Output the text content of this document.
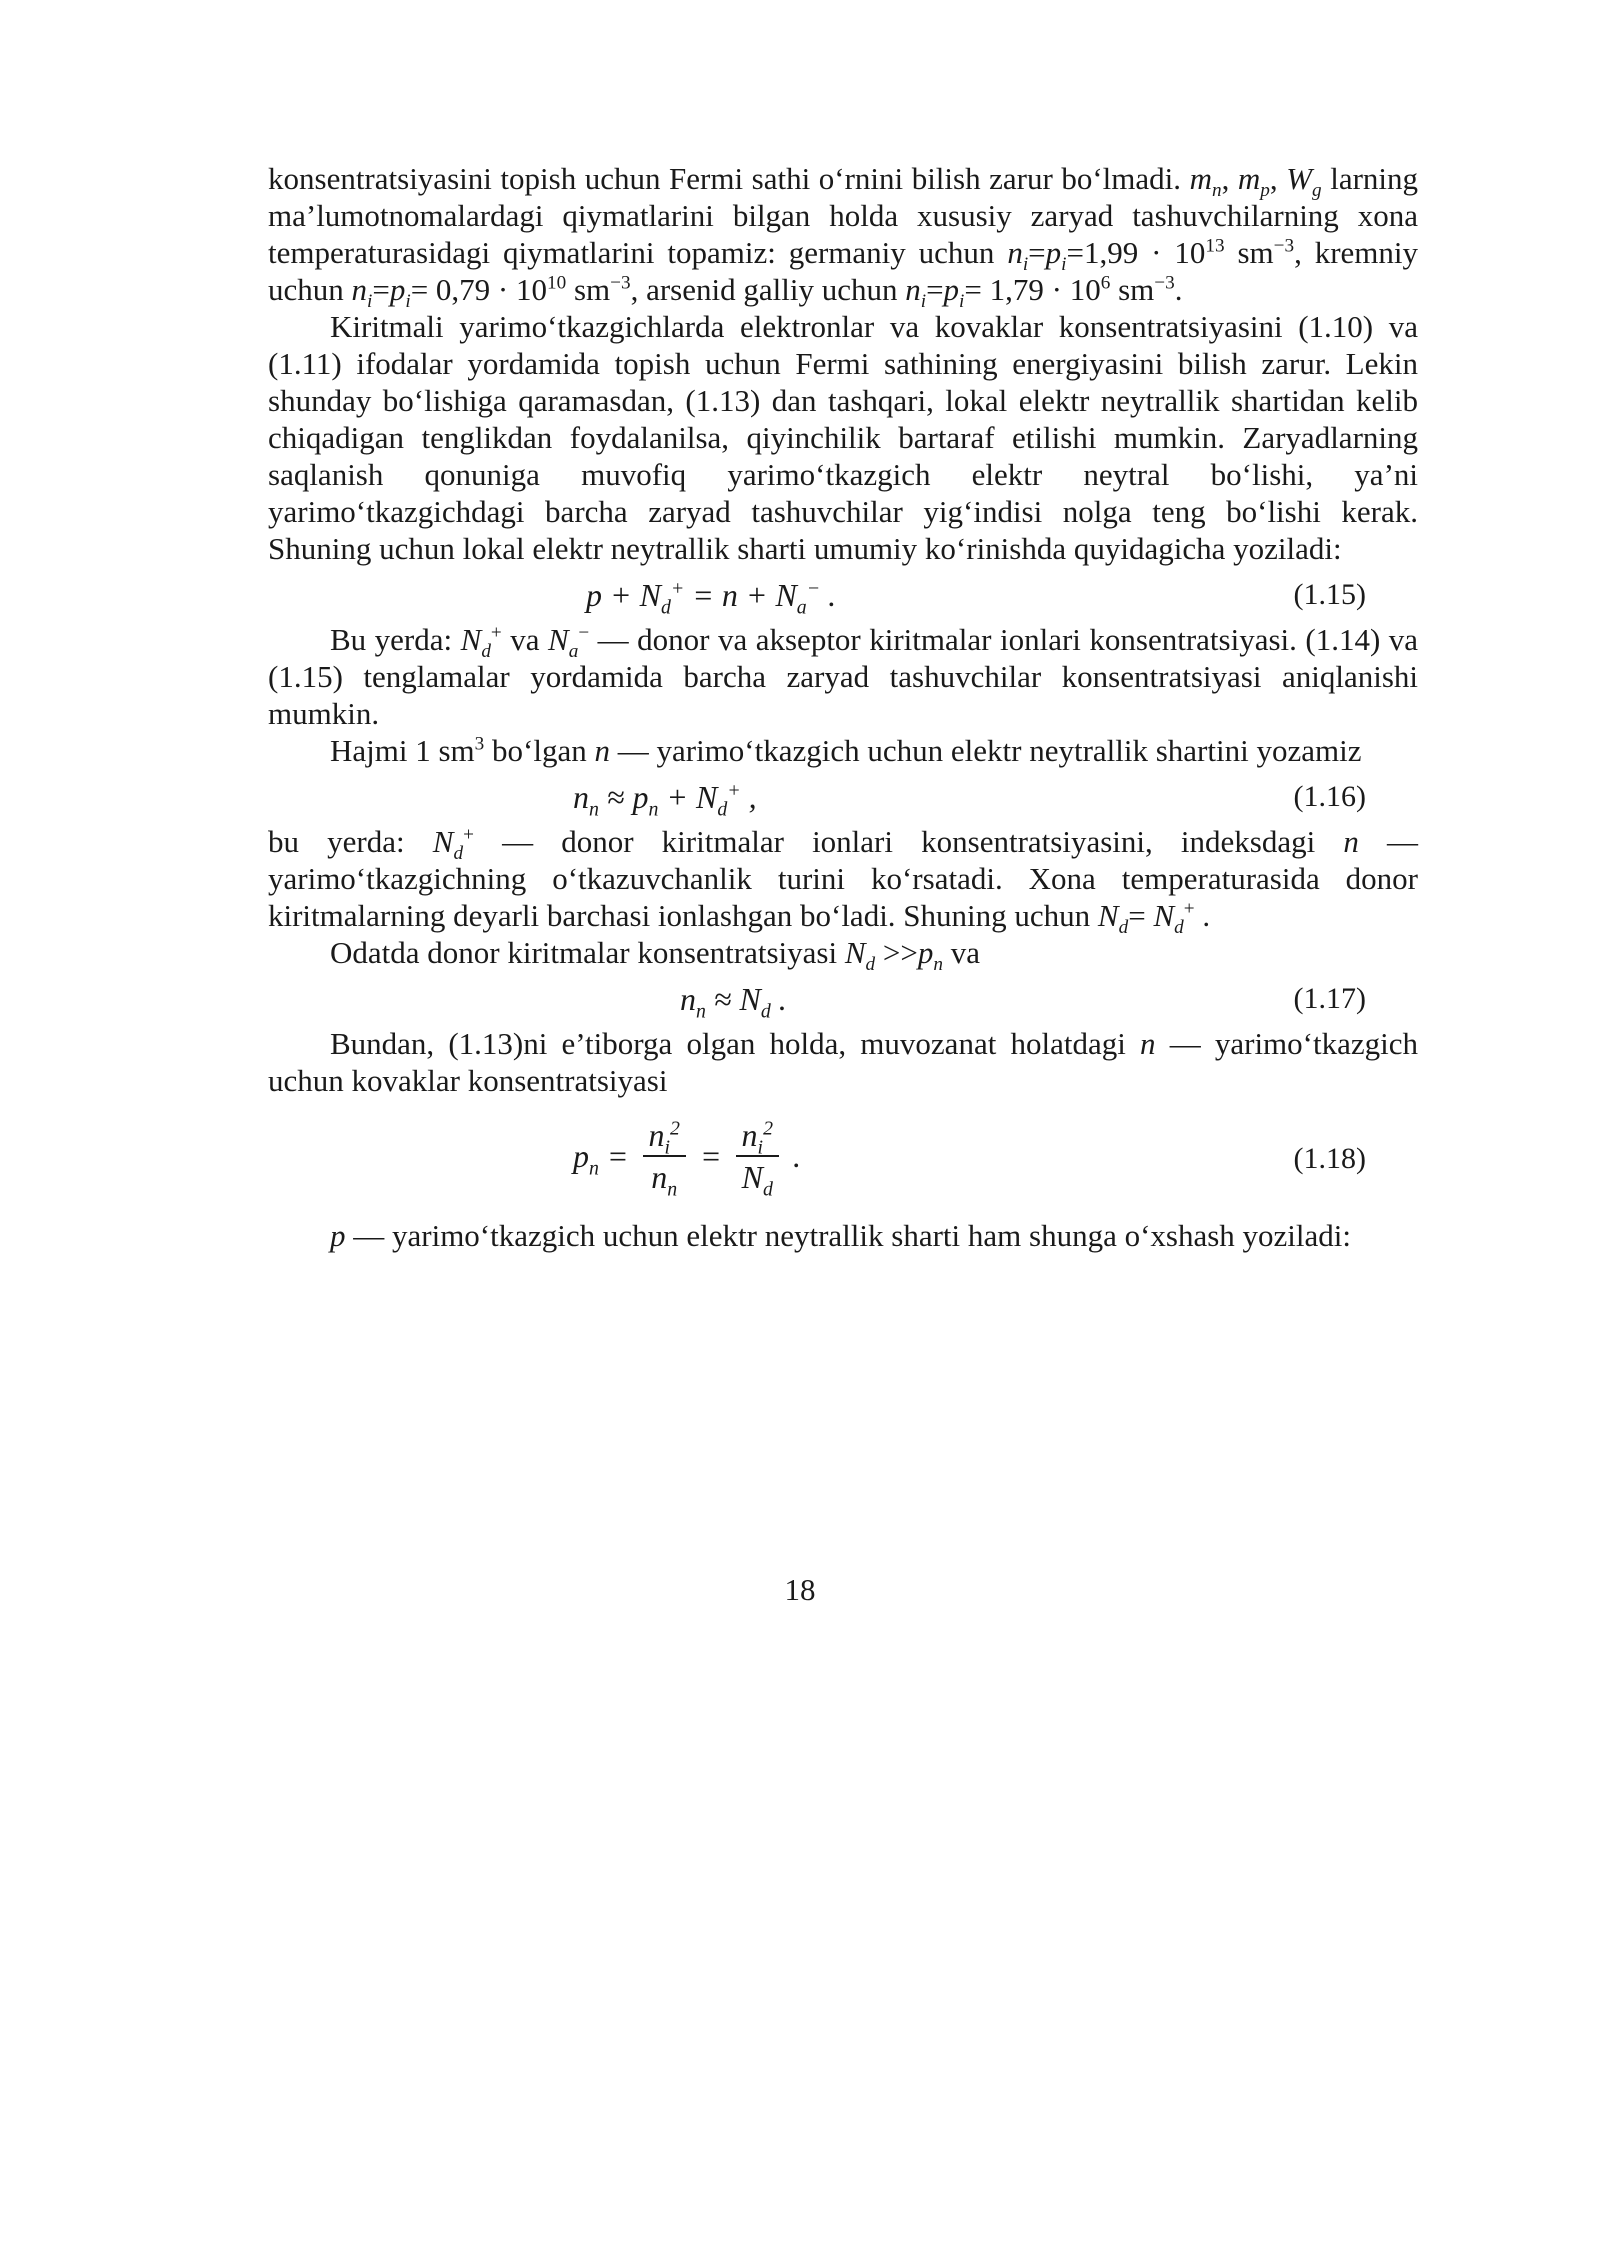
konsentratsiyasini topish uchun Fermi sathi o‘rnini bilish zarur bo‘lmadi. $m_n$, $m_p$, $W_g$ larning ma’lumotnomalardagi qiymatlarini bilgan holda xususiy zaryad tashuvchilarning xona temperaturasidagi qiymatlarini topamiz: germaniy uchun $n_i=p_i=1,99 \cdot 10^{13}$ $sm^{-3}$, kremniy uchun $n_i=p_i= 0,79 \cdot 10^{10}$ $sm^{-3}$, arsenid galliy uchun $n_i=p_i= 1,79 \cdot 10^6$ $sm^{-3}$.

Kiritmali yarimo‘tkazgichlarda elektronlar va kovaklar konsentratsiyasini (1.10) va (1.11) ifodalar yordamida topish uchun Fermi sathining energiyasini bilish zarur. Lekin shunday bo‘lishiga qaramasdan, (1.13) dan tashqari, lokal elektr neytrallik shartidan kelib chiqadigan tenglikdan foydalanilsa, qiyinchilik bartaraf etilishi mumkin. Zaryadlarning saqlanish qonuniga muvofiq yarimo‘tkazgich elektr neytral bo‘lishi, ya’ni yarimo‘tkazgichdagi barcha zaryad tashuvchilar yig‘indisi nolga teng bo‘lishi kerak. Shuning uchun lokal elektr neytrallik sharti umumiy ko‘rinishda quyidagicha yoziladi:

$p + N_d^+ = n + N_a^-$ .	(1.15)

Bu yerda: $N_d^+$ va $N_a^-$ — donor va akseptor kiritmalar ionlari konsentratsiyasi. (1.14) va (1.15) tenglamalar yordamida barcha zaryad tashuvchilar konsentratsiyasi aniqlanishi mumkin.

Hajmi 1 $sm^3$ bo‘lgan n — yarimo‘tkazgich uchun elektr neytrallik shartini yozamiz

$n_n \approx p_n + N_d^+$ ,	(1.16)

bu yerda: $N_d^+$ — donor kiritmalar ionlari konsentratsiyasini, indeksdagi n — yarimo‘tkazgichning o‘tkazuvchanlik turini ko‘rsatadi. Xona temperaturasida donor kiritmalarning deyarli barchasi ionlashgan bo‘ladi. Shuning uchun $N_d= N_d^+$ .

Odatda donor kiritmalar konsentratsiyasi $N_d >>p_n$ va

$n_n \approx N_d$ .	(1.17)

Bundan, (1.13)ni e’tiborga olgan holda, muvozanat holatdagi n — yarimo‘tkazgich uchun kovaklar konsentratsiyasi

$p_n = \frac{n_i^2}{n_n} = \frac{n_i^2}{N_d}$ .	(1.18)

p — yarimo‘tkazgich uchun elektr neytrallik sharti ham shunga o‘xshash yoziladi:

18
